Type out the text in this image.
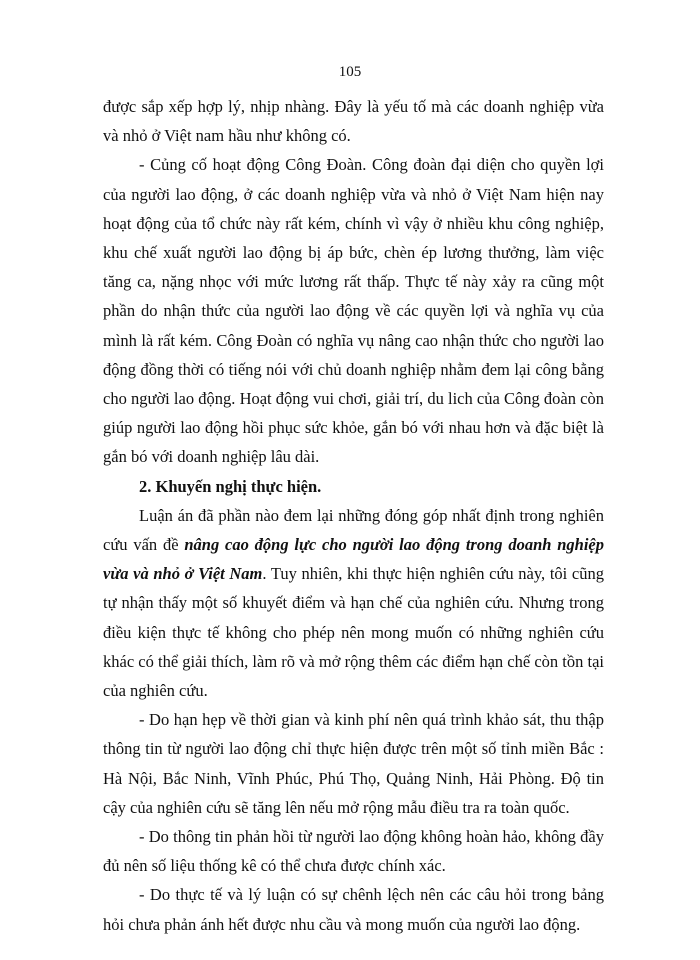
105

được sắp xếp hợp lý, nhịp nhàng. Đây là yếu tố mà các doanh nghiệp vừa và nhỏ ở Việt nam hầu như không có.

- Củng cố hoạt động Công Đoàn. Công đoàn đại diện cho quyền lợi của người lao động, ở các doanh nghiệp vừa và nhỏ ở Việt Nam hiện nay hoạt động của tổ chức này rất kém, chính vì vậy ở nhiều khu công nghiệp, khu chế xuất người lao động bị áp bức, chèn ép lương thưởng, làm việc tăng ca, nặng nhọc với mức lương rất thấp. Thực tế này xảy ra cũng một phần do nhận thức của người lao động về các quyền lợi và nghĩa vụ của mình là rất kém. Công Đoàn có nghĩa vụ nâng cao nhận thức cho người lao động đồng thời có tiếng nói với chủ doanh nghiệp nhằm đem lại công bằng cho người lao động. Hoạt động vui chơi, giải trí, du lich của Công đoàn còn giúp người lao động hồi phục sức khỏe, gắn bó với nhau hơn và đặc biệt là gắn bó với doanh nghiệp lâu dài.

2. Khuyến nghị thực hiện.

Luận án đã phần nào đem lại những đóng góp nhất định trong nghiên cứu vấn đề nâng cao động lực cho người lao động trong doanh nghiệp vừa và nhỏ ở Việt Nam. Tuy nhiên, khi thực hiện nghiên cứu này, tôi cũng tự nhận thấy một số khuyết điểm và hạn chế của nghiên cứu. Nhưng trong điều kiện thực tế không cho phép nên mong muốn có những nghiên cứu khác có thể giải thích, làm rõ và mở rộng thêm các điểm hạn chế còn tồn tại của nghiên cứu.

- Do hạn hẹp về thời gian và kinh phí nên quá trình khảo sát, thu thập thông tin từ người lao động chỉ thực hiện được trên một số tỉnh miền Bắc : Hà Nội, Bắc Ninh, Vĩnh Phúc, Phú Thọ, Quảng Ninh, Hải Phòng. Độ tin cậy của nghiên cứu sẽ tăng lên nếu mở rộng mẫu điều tra ra toàn quốc.

- Do thông tin phản hồi từ người lao động không hoàn hảo, không đầy đủ nên số liệu thống kê có thể chưa được chính xác.

- Do thực tế và lý luận có sự chênh lệch nên các câu hỏi trong bảng hỏi chưa phản ánh hết được nhu cầu và mong muốn của người lao động.
